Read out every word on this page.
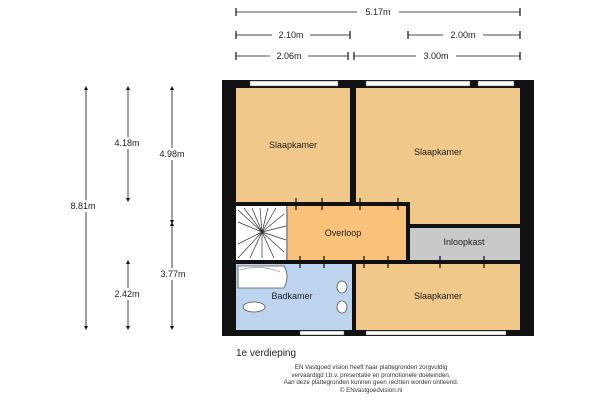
5.17m
2.10m	2.00m
2.06m	3.00m
8.81m
4.18m
2.42m
4.98m
3.77m
Slaapkamer
Slaapkamer
Overloop
Inloopkast
Badkamer	Slaapkamer
1e verdieping
EN Vastgoed vision heeft haar plattegronden zorgvuldig
vervaardigd t.b.v. presentatie en promotionele doeleinden.
Aan deze plattegronden kunnen geen rechten worden ontleend.
© ENvastgoedvision.nl
